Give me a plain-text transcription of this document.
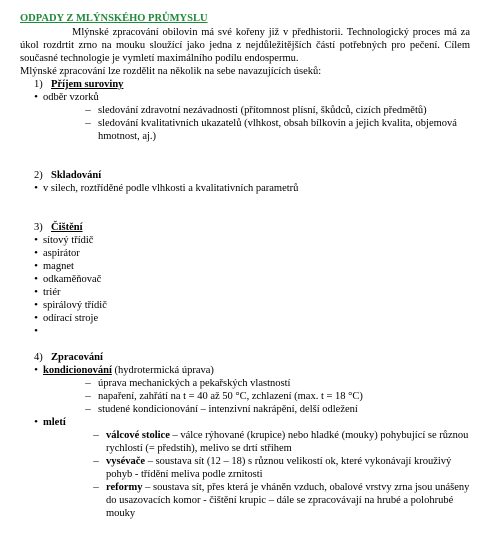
ODPADY Z MLÝNSKÉHO PRŮMYSLU

Mlýnské zpracování obilovin má své kořeny již v předhistorii. Technologický proces má za úkol rozdrtit zrno na mouku sloužící jako jedna z nejdůležitějších částí potřebných pro pečení. Cílem současné technologie je vymletí maximálního podílu endospermu.

Mlýnské zpracování lze rozdělit na několik na sebe navazujících úseků:

1) Příjem suroviny
• odběr vzorků
– sledování zdravotní nezávadnosti (přítomnost plísní, škůdců, cizích předmětů)
– sledování kvalitativních ukazatelů (vlhkost, obsah bílkovin a jejich kvalita, objemová hmotnost, aj.)
2) Skladování
• v silech, roztříděné podle vlhkosti a kvalitativních parametrů
3) Čištění
• sítový třídič
• aspirátor
• magnet
• odkaměňovač
• triér
• spirálový třídič
• odírací stroje
•
4) Zpracování
• kondicionování (hydrotermická úprava)
– úprava mechanických a pekařských vlastností
– napaření, zahřátí na t = 40 až 50 °C, zchlazení (max. t = 18 °C)
– studené kondicionování – intenzivní nakrápění, delší odležení
• mletí
– válcové stolice – válce rýhované (krupice) nebo hladké (mouky) pohybující se různou rychlostí (= předstih), melivo se drtí střihem
– vysévače – soustava sít (12 – 18) s různou velikostí ok, které vykonávají krouživý pohyb - třídění meliva podle zrnitosti
– reformy – soustava sít, přes která je vháněn vzduch, obalové vrstvy zrna jsou unášeny do usazovacích komor - čištění krupic – dále se zpracovávají na hrubé a polohrubé mouky
